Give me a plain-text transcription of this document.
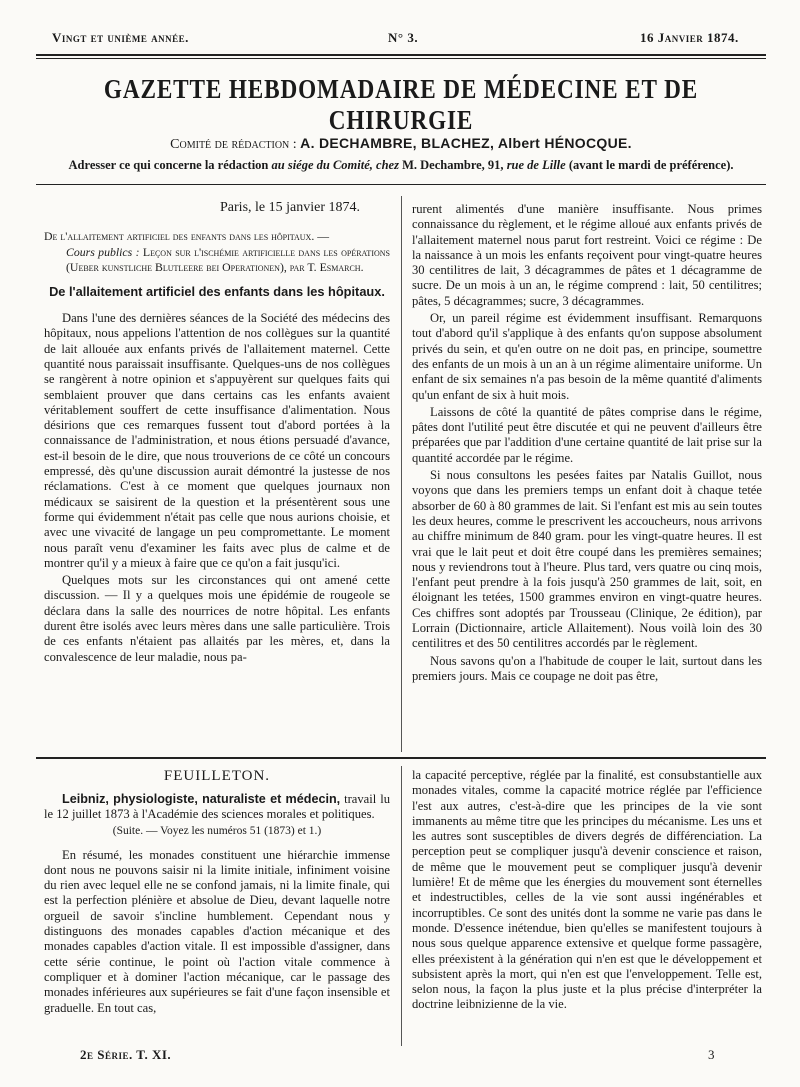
Vingt et unième année.	N° 3.	16 Janvier 1874.
GAZETTE HEBDOMADAIRE DE MÉDECINE ET DE CHIRURGIE
Comité de rédaction : A. DECHAMBRE, BLACHEZ, Albert HÉNOCQUE.
Adresser ce qui concerne la rédaction au siége du Comité, chez M. Dechambre, 91, rue de Lille (avant le mardi de préférence).
Paris, le 15 janvier 1874.
De l'allaitement artificiel des enfants dans les hôpitaux. —
Cours publics : Leçon sur l'ischémie artificielle dans les opérations (Ueber kunstliche Blutleere bei Operationen), par T. Esmarch.
De l'allaitement artificiel des enfants dans les hôpitaux.

Dans l'une des dernières séances de la Société des médecins des hôpitaux, nous appelions l'attention de nos collègues sur la quantité de lait allouée aux enfants privés de l'allaitement maternel. Cette quantité nous paraissait insuffisante. Quelques-uns de nos collègues se rangèrent à notre opinion et s'appuyèrent sur quelques faits qui semblaient prouver que dans certains cas les enfants avaient véritablement souffert de cette insuffisance d'alimentation. Nous désirions que ces remarques fussent tout d'abord portées à la connaissance de l'administration, et nous étions persuadé d'avance, est-il besoin de le dire, que nous trouverions de ce côté un concours empressé, dès qu'une discussion aurait démontré la justesse de nos réclamations. C'est à ce moment que quelques journaux non médicaux se saisirent de la question et la présentèrent sous une forme qui évidemment n'était pas celle que nous aurions choisie, et avec une vivacité de langage un peu compromettante. Le moment nous paraît venu d'examiner les faits avec plus de calme et de montrer qu'il y a mieux à faire que ce qu'on a fait jusqu'ici.

Quelques mots sur les circonstances qui ont amené cette discussion. — Il y a quelques mois une épidémie de rougeole se déclara dans la salle des nourrices de notre hôpital. Les enfants durent être isolés avec leurs mères dans une salle particulière. Trois de ces enfants n'étaient pas allaités par les mères, et, dans la convalescence de leur maladie, nous pa-

rurent alimentés d'une manière insuffisante. Nous primes connaissance du règlement, et le régime alloué aux enfants privés de l'allaitement maternel nous parut fort restreint. Voici ce régime : De la naissance à un mois les enfants reçoivent pour vingt-quatre heures 30 centilitres de lait, 3 décagrammes de pâtes et 1 décagramme de sucre. De un mois à un an, le régime comprend : lait, 50 centilitres; pâtes, 5 décagrammes; sucre, 3 décagrammes.

Or, un pareil régime est évidemment insuffisant. Remarquons tout d'abord qu'il s'applique à des enfants qu'on suppose absolument privés du sein, et qu'en outre on ne doit pas, en principe, soumettre des enfants de un mois à un an à un régime alimentaire uniforme. Un enfant de six semaines n'a pas besoin de la même quantité d'aliments qu'un enfant de six à huit mois.

Laissons de côté la quantité de pâtes comprise dans le régime, pâtes dont l'utilité peut être discutée et qui ne peuvent d'ailleurs être préparées que par l'addition d'une certaine quantité de lait prise sur la quantité accordée par le régime.

Si nous consultons les pesées faites par Natalis Guillot, nous voyons que dans les premiers temps un enfant doit à chaque tetée absorber de 60 à 80 grammes de lait. Si l'enfant est mis au sein toutes les deux heures, comme le prescrivent les accoucheurs, nous arrivons au chiffre minimum de 840 gram. pour les vingt-quatre heures. Il est vrai que le lait peut et doit être coupé dans les premières semaines; nous y reviendrons tout à l'heure. Plus tard, vers quatre ou cinq mois, l'enfant peut prendre à la fois jusqu'à 250 grammes de lait, soit, en éloignant les tetées, 1500 grammes environ en vingt-quatre heures. Ces chiffres sont adoptés par Trousseau (Clinique, 2e édition), par Lorrain (Dictionnaire, article Allaitement). Nous voilà loin des 30 centilitres et des 50 centilitres accordés par le règlement.

Nous savons qu'on a l'habitude de couper le lait, surtout dans les premiers jours. Mais ce coupage ne doit pas être,

FEUILLETON.

Leibniz, physiologiste, naturaliste et médecin, travail lu le 12 juillet 1873 à l'Académie des sciences morales et politiques.

(Suite. — Voyez les numéros 51 (1873) et 1.)

En résumé, les monades constituent une hiérarchie immense dont nous ne pouvons saisir ni la limite initiale, infiniment voisine du rien avec lequel elle ne se confond jamais, ni la limite finale, qui est la perfection plénière et absolue de Dieu, devant laquelle notre orgueil de savoir s'incline humblement. Cependant nous y distinguons des monades capables d'action mécanique et des monades capables d'action vitale. Il est impossible d'assigner, dans cette série continue, le point où l'action vitale commence à compliquer et à dominer l'action mécanique, car le passage des monades inférieures aux supérieures se fait d'une façon insensible et graduelle. En tout cas,

la capacité perceptive, réglée par la finalité, est consubstantielle aux monades vitales, comme la capacité motrice réglée par l'efficience l'est aux autres, c'est-à-dire que les principes de la vie sont immanents au même titre que les principes du mécanisme. Les uns et les autres sont susceptibles de divers degrés de différenciation. La perception peut se compliquer jusqu'à devenir conscience et raison, de même que le mouvement peut se compliquer jusqu'à devenir lumière! Et de même que les énergies du mouvement sont éternelles et indestructibles, celles de la vie sont aussi ingénérables et incorruptibles. Ce sont des unités dont la somme ne varie pas dans le monde. D'essence inétendue, bien qu'elles se manifestent toujours à nous sous quelque apparence extensive et quelque forme passagère, elles préexistent à la génération qui n'en est que le développement et subsistent après la mort, qui n'en est que l'enveloppement. Telle est, selon nous, la façon la plus juste et la plus précise d'interpréter la doctrine leibnizienne de la vie.

2e Série. T. XI.	3
